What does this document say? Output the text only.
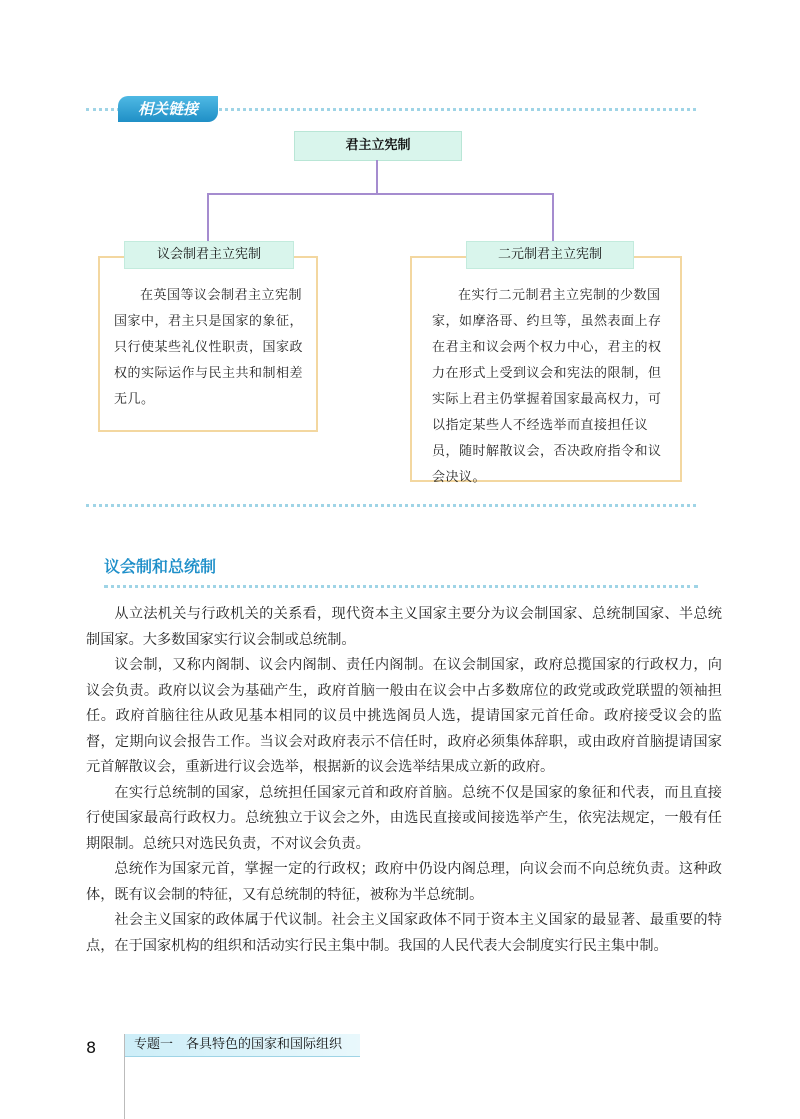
相关链接
君主立宪制
议会制君主立宪制

在英国等议会制君主立宪制国家中，君主只是国家的象征，只行使某些礼仪性职责，国家政权的实际运作与民主共和制相差无几。

二元制君主立宪制

在实行二元制君主立宪制的少数国家，如摩洛哥、约旦等，虽然表面上存在君主和议会两个权力中心，君主的权力在形式上受到议会和宪法的限制，但实际上君主仍掌握着国家最高权力，可以指定某些人不经选举而直接担任议员，随时解散议会，否决政府指令和议会决议。

议会制和总统制

从立法机关与行政机关的关系看，现代资本主义国家主要分为议会制国家、总统制国家、半总统制国家。大多数国家实行议会制或总统制。

议会制，又称内阁制、议会内阁制、责任内阁制。在议会制国家，政府总揽国家的行政权力，向议会负责。政府以议会为基础产生，政府首脑一般由在议会中占多数席位的政党或政党联盟的领袖担任。政府首脑往往从政见基本相同的议员中挑选阁员人选，提请国家元首任命。政府接受议会的监督，定期向议会报告工作。当议会对政府表示不信任时，政府必须集体辞职，或由政府首脑提请国家元首解散议会，重新进行议会选举，根据新的议会选举结果成立新的政府。

在实行总统制的国家，总统担任国家元首和政府首脑。总统不仅是国家的象征和代表，而且直接行使国家最高行政权力。总统独立于议会之外，由选民直接或间接选举产生，依宪法规定，一般有任期限制。总统只对选民负责，不对议会负责。

总统作为国家元首，掌握一定的行政权；政府中仍设内阁总理，向议会而不向总统负责。这种政体，既有议会制的特征，又有总统制的特征，被称为半总统制。

社会主义国家的政体属于代议制。社会主义国家政体不同于资本主义国家的最显著、最重要的特点，在于国家机构的组织和活动实行民主集中制。我国的人民代表大会制度实行民主集中制。

8	专题一　各具特色的国家和国际组织
